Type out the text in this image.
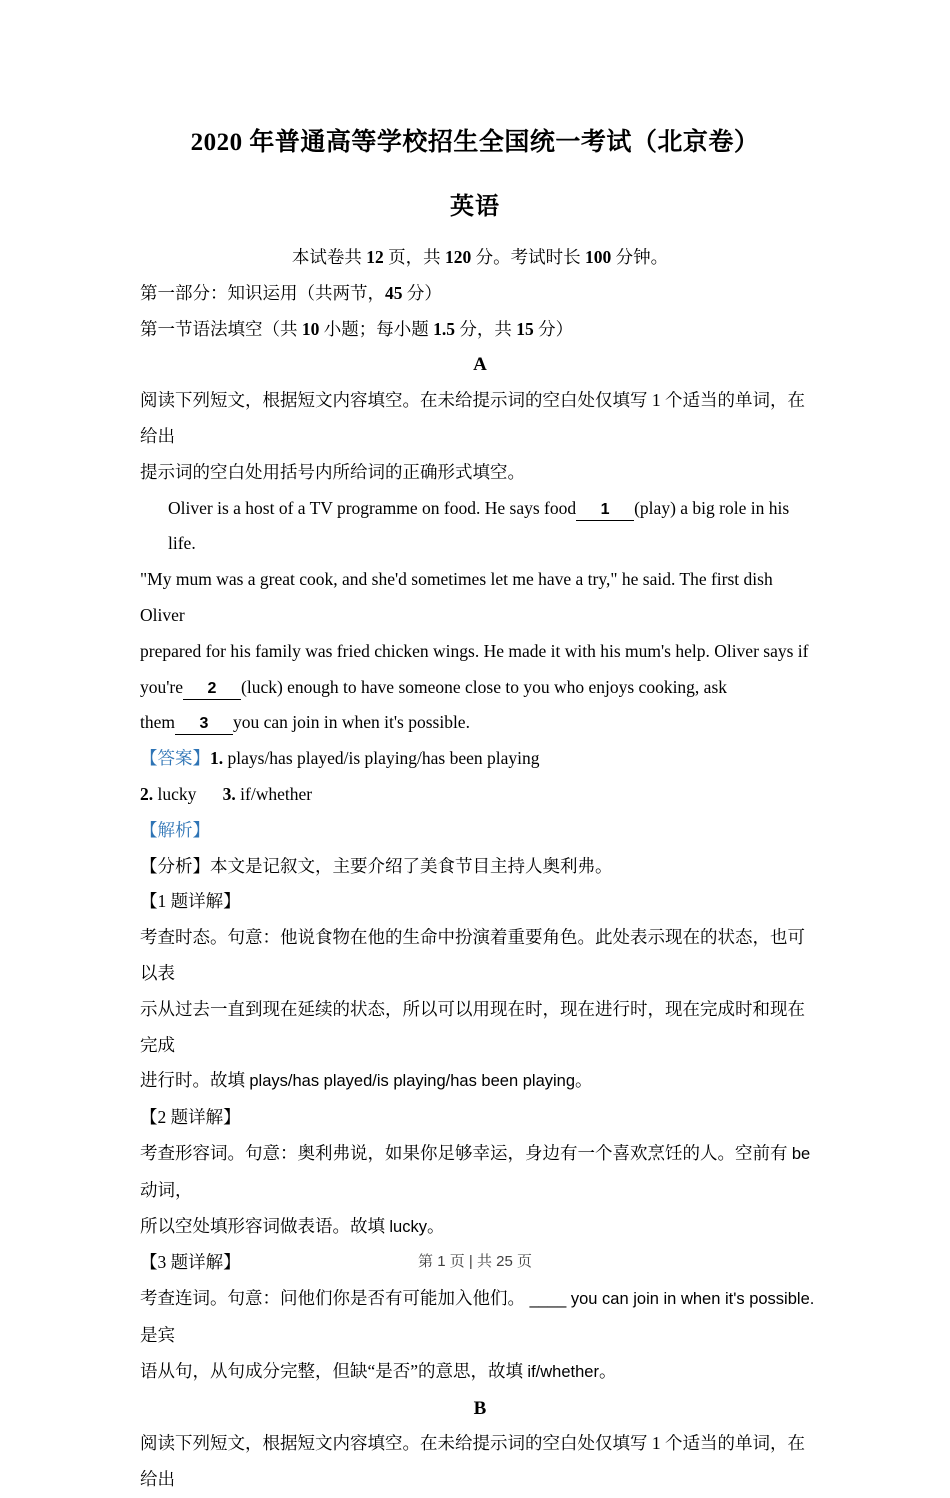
2020 年普通高等学校招生全国统一考试（北京卷）
英语
本试卷共 12 页，共 120 分。考试时长 100 分钟。
第一部分：知识运用（共两节，45 分）
第一节语法填空（共 10 小题；每小题 1.5 分，共 15 分）
A
阅读下列短文，根据短文内容填空。在未给提示词的空白处仅填写 1 个适当的单词，在给出
提示词的空白处用括号内所给词的正确形式填空。
Oliver is a host of a TV programme on food. He says food 1 (play) a big role in his life.
"My mum was a great cook, and she'd sometimes let me have a try," he said. The first dish Oliver
prepared for his family was fried chicken wings. He made it with his mum's help. Oliver says if
you're 2 (luck) enough to have someone close to you who enjoys cooking, ask
them 3 you can join in when it's possible.
【答案】1. plays/has played/is playing/has been playing
2. lucky 3. if/whether
【解析】
【分析】本文是记叙文，主要介绍了美食节目主持人奥利弗。
【1 题详解】
考查时态。句意：他说食物在他的生命中扮演着重要角色。此处表示现在的状态，也可以表
示从过去一直到现在延续的状态，所以可以用现在时，现在进行时，现在完成时和现在完成
进行时。故填 plays/has played/is playing/has been playing。
【2 题详解】
考查形容词。句意：奥利弗说，如果你足够幸运，身边有一个喜欢烹饪的人。空前有 be 动词，
所以空处填形容词做表语。故填 lucky。
【3 题详解】
考查连词。句意：问他们你是否有可能加入他们。 ____ you can join in when it's possible. 是宾
语从句，从句成分完整，但缺“是否”的意思，故填 if/whether。
B
阅读下列短文，根据短文内容填空。在未给提示词的空白处仅填写 1 个适当的单词，在给出
第 1 页 | 共 25 页
